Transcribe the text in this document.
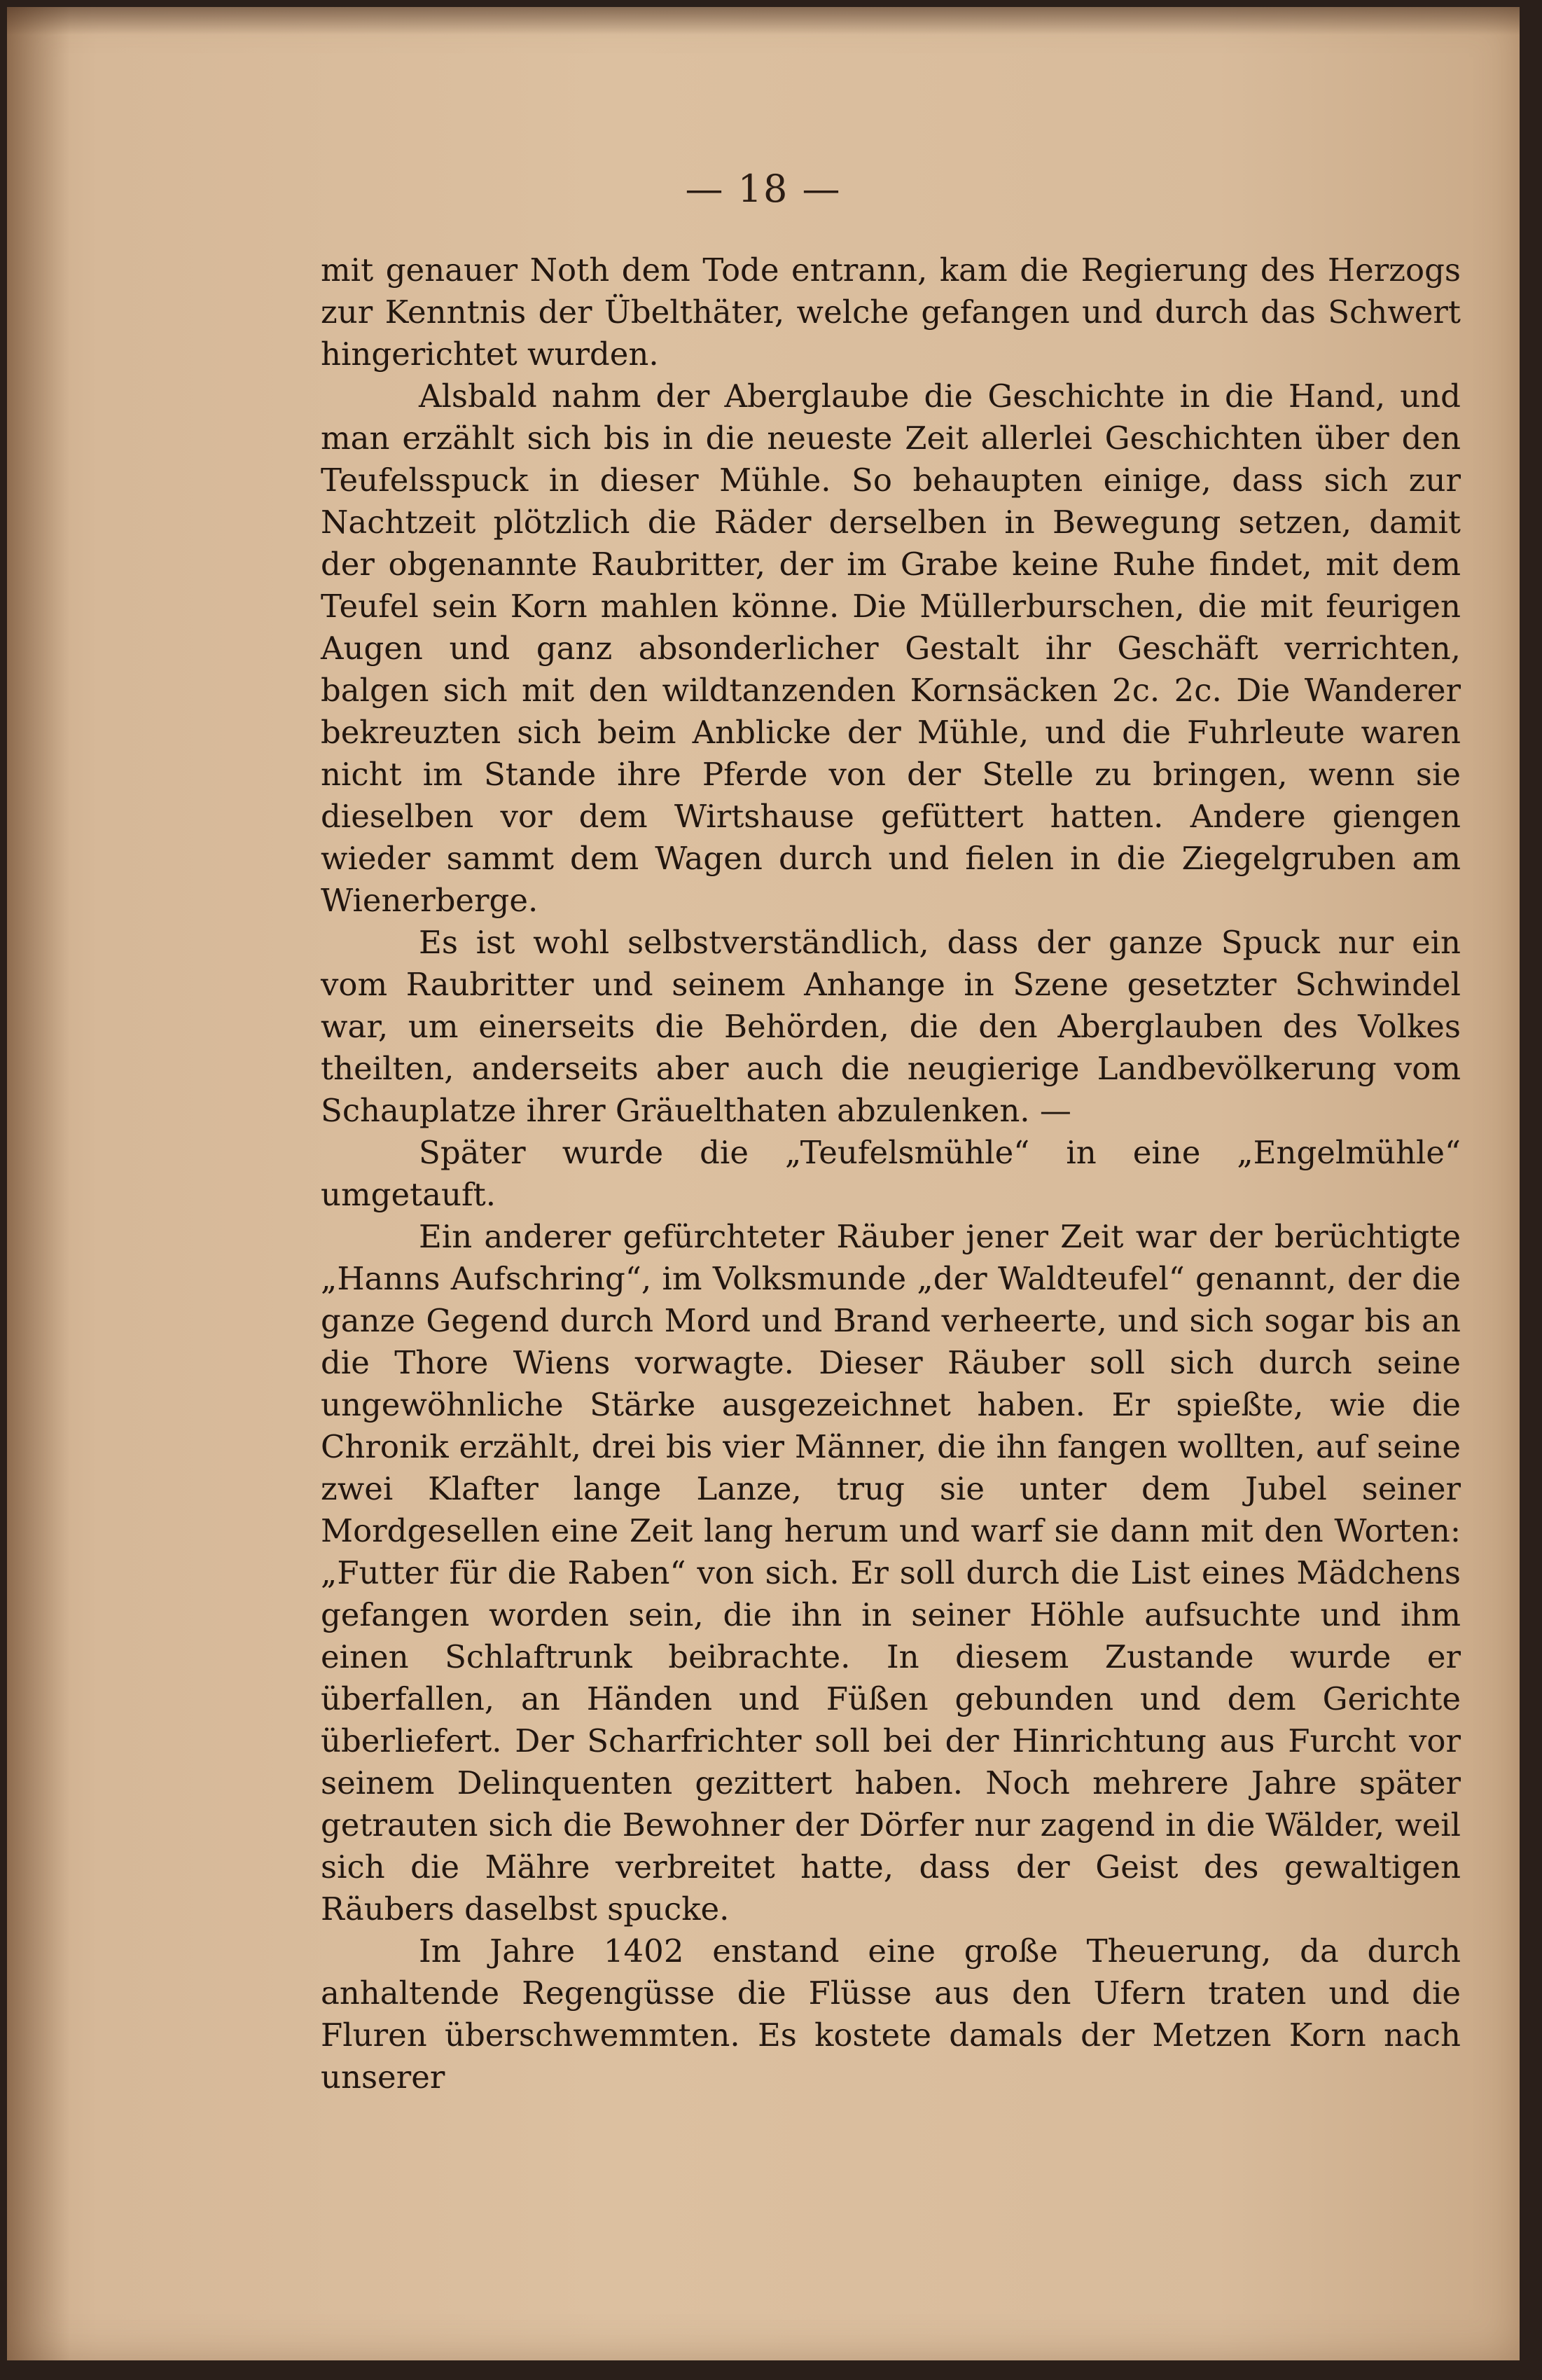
— 18 —

mit genauer Noth dem Tode entrann, kam die Regierung des Herzogs zur Kenntnis der Übelthäter, welche gefangen und durch das Schwert hingerichtet wurden.

Alsbald nahm der Aberglaube die Geschichte in die Hand, und man erzählt sich bis in die neueste Zeit allerlei Geschichten über den Teufelsspuck in dieser Mühle. So behaupten einige, dass sich zur Nachtzeit plötzlich die Räder derselben in Bewegung setzen, damit der obgenannte Raubritter, der im Grabe keine Ruhe findet, mit dem Teufel sein Korn mahlen könne. Die Müllerburschen, die mit feurigen Augen und ganz absonderlicher Gestalt ihr Geschäft verrichten, balgen sich mit den wildtanzenden Kornsäcken 2c. 2c. Die Wanderer bekreuzten sich beim Anblicke der Mühle, und die Fuhrleute waren nicht im Stande ihre Pferde von der Stelle zu bringen, wenn sie dieselben vor dem Wirtshause gefüttert hatten. Andere giengen wieder sammt dem Wagen durch und fielen in die Ziegelgruben am Wienerberge.

Es ist wohl selbstverständlich, dass der ganze Spuck nur ein vom Raubritter und seinem Anhange in Szene gesetzter Schwindel war, um einerseits die Behörden, die den Aberglauben des Volkes theilten, anderseits aber auch die neugierige Landbevölkerung vom Schauplatze ihrer Gräuelthaten abzulenken. —

Später wurde die „Teufelsmühle“ in eine „Engelmühle“ umgetauft.

Ein anderer gefürchteter Räuber jener Zeit war der berüchtigte „Hanns Aufschring“, im Volksmunde „der Waldteufel“ genannt, der die ganze Gegend durch Mord und Brand verheerte, und sich sogar bis an die Thore Wiens vorwagte. Dieser Räuber soll sich durch seine ungewöhnliche Stärke ausgezeichnet haben. Er spießte, wie die Chronik erzählt, drei bis vier Männer, die ihn fangen wollten, auf seine zwei Klafter lange Lanze, trug sie unter dem Jubel seiner Mordgesellen eine Zeit lang herum und warf sie dann mit den Worten: „Futter für die Raben“ von sich. Er soll durch die List eines Mädchens gefangen worden sein, die ihn in seiner Höhle aufsuchte und ihm einen Schlaftrunk beibrachte. In diesem Zustande wurde er überfallen, an Händen und Füßen gebunden und dem Gerichte überliefert. Der Scharfrichter soll bei der Hinrichtung aus Furcht vor seinem Delinquenten gezittert haben. Noch mehrere Jahre später getrauten sich die Bewohner der Dörfer nur zagend in die Wälder, weil sich die Mähre verbreitet hatte, dass der Geist des gewaltigen Räubers daselbst spucke.

Im Jahre 1402 enstand eine große Theuerung, da durch anhaltende Regengüsse die Flüsse aus den Ufern traten und die Fluren überschwemmten. Es kostete damals der Metzen Korn nach unserer
